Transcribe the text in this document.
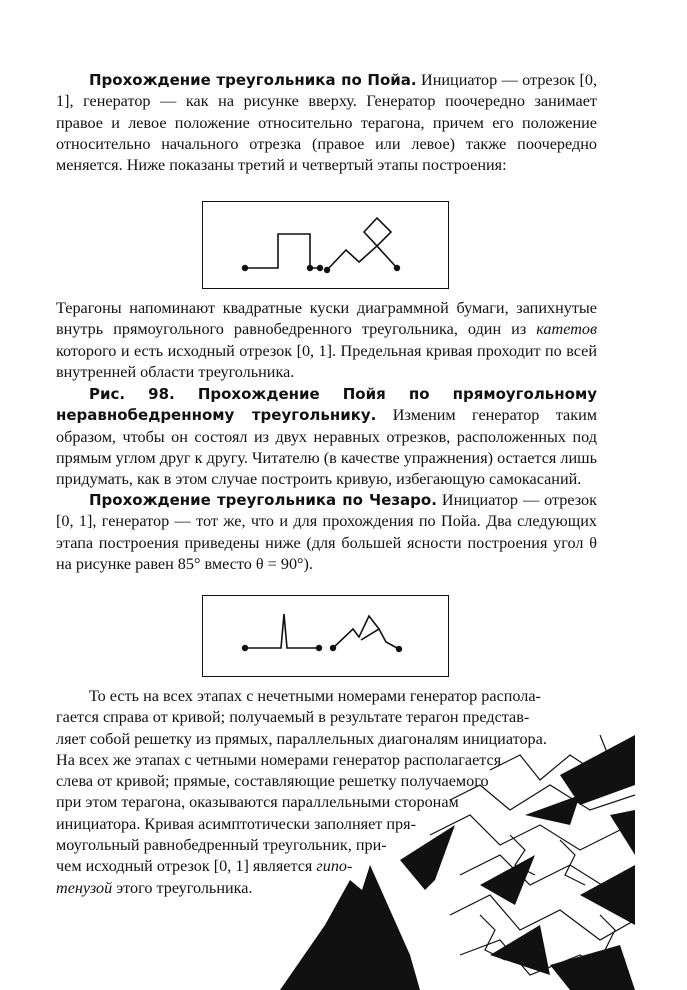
Прохождение треугольника по Пойа. Инициатор — отрезок [0, 1], генератор — как на рисунке вверху. Генератор поочередно занимает правое и левое положение относительно терагона, причем его положение относительно начального отрезка (правое или левое) также поочередно меняется. Ниже показаны третий и четвертый этапы построения:

Терагоны напоминают квадратные куски диаграммной бумаги, запихнутые внутрь прямоугольного равнобедренного треугольника, один из катетов которого и есть исходный отрезок [0, 1]. Предельная кривая проходит по всей внутренней области треугольника.

Рис. 98. Прохождение Пойя по прямоугольному неравнобедренному треугольнику. Изменим генератор таким образом, чтобы он состоял из двух неравных отрезков, расположенных под прямым углом друг к другу. Читателю (в качестве упражнения) остается лишь придумать, как в этом случае построить кривую, избегающую самокасаний.

Прохождение треугольника по Чезаро. Инициатор — отрезок [0, 1], генератор — тот же, что и для прохождения по Пойа. Два следующих этапа построения приведены ниже (для большей ясности построения угол θ на рисунке равен 85° вместо θ = 90°).

То есть на всех этапах с нечетными номерами генератор распола-
гается справа от кривой; получаемый в результате терагон представ-
ляет собой решетку из прямых, параллельных диагоналям инициатора.
На всех же этапах с четными номерами генератор располагается
слева от кривой; прямые, составляющие решетку получаемого
при этом терагона, оказываются параллельными сторонам
инициатора. Кривая асимптотически заполняет пря-
моугольный равнобедренный треугольник, при-
чем исходный отрезок [0, 1] является гипо-
тенузой этого треугольника.
